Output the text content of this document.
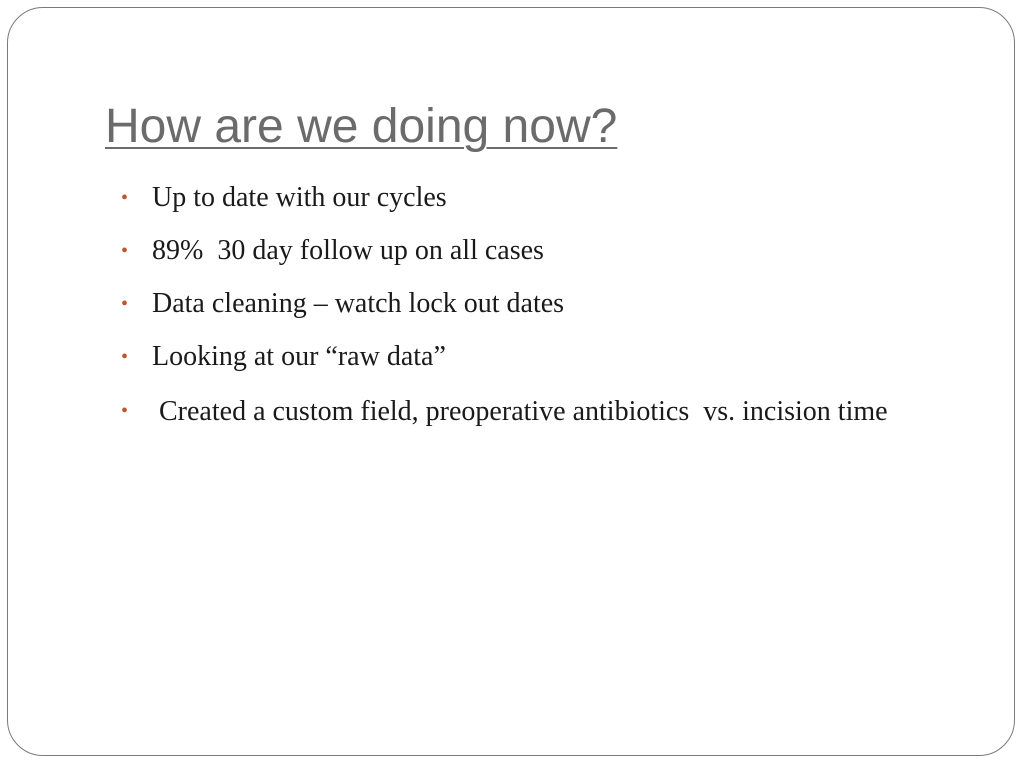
How are we doing now?
• Up to date with our cycles
• 89%  30 day follow up on all cases
• Data cleaning – watch lock out dates
• Looking at our “raw data”
• Created a custom field, preoperative antibiotics  vs. incision time
